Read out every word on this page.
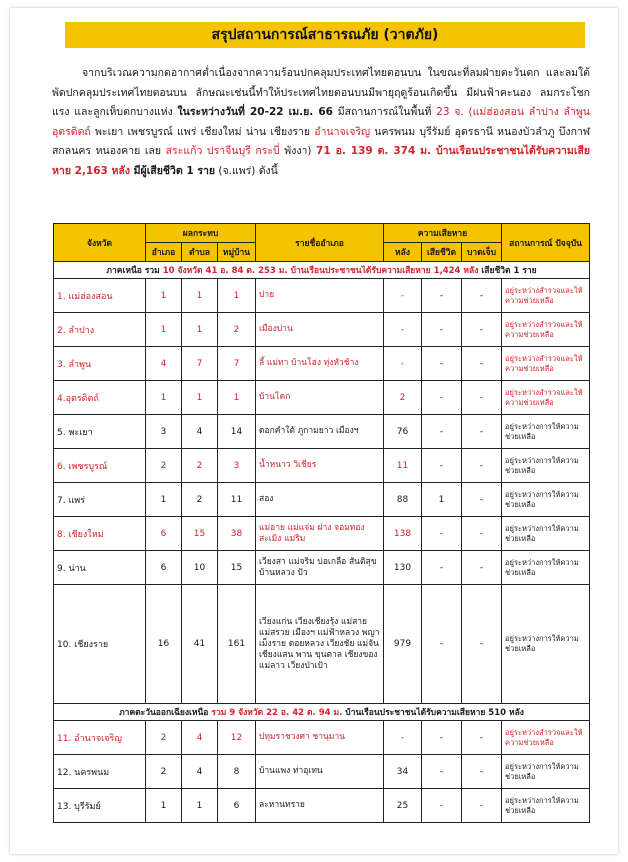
สรุปสถานการณ์สาธารณภัย (วาตภัย)
จากบริเวณความกดอากาศต่ำเนื่องจากความร้อนปกคลุมประเทศไทยตอนบน ในขณะที่ลมฝ่ายตะวันตก และลมใต้พัดปกคลุมประเทศไทยตอนบน ลักษณะเช่นนี้ทำให้ประเทศไทยตอนบนมีพายุฤดูร้อนเกิดขึ้น มีฝนฟ้าคะนอง ลมกระโชกแรง และลูกเห็บตกบางแห่ง ในระหว่างวันที่ 20-22 เม.ย. 66 มีสถานการณ์ในพื้นที่ 23 จ. (แม่ฮ่องสอน ลำปาง ลำพูน อุตรดิตถ์ พะเยา เพชรบูรณ์ แพร่ เชียงใหม่ น่าน เชียงราย อำนาจเจริญ นครพนม บุรีรัมย์ อุดรธานี หนองบัวลำภู บึงกาฬ สกลนคร หนองคาย เลย สระแก้ว ปราจีนบุรี กระบี่ พังงา) 71 อ. 139 ต. 374 ม. บ้านเรือนประชาชนได้รับความเสียหาย 2,163 หลัง มีผู้เสียชีวิต 1 ราย (จ.แพร่) ดังนี้
จังหวัด	ผลกระทบ			รายชื่ออำเภอ	ความเสียหาย			สถานการณ์ ปัจจุบัน
	อำเภอ	ตำบล	หมู่บ้าน		หลัง	เสียชีวิต	บาดเจ็บ	
ภาคเหนือ รวม 10 จังหวัด 41 อ. 84 ต. 253 ม. บ้านเรือนประชาชนได้รับความเสียหาย 1,424 หลัง เสียชีวิต 1 ราย								
1. แม่ฮ่องสอน	1	1	1	ปาย	-	-	-	อยู่ระหว่างสำรวจและให้ความช่วยเหลือ
2. ลำปาง	1	1	2	เมืองปาน	-	-	-	อยู่ระหว่างสำรวจและให้ความช่วยเหลือ
3. ลำพูน	4	7	7	ลี้ แม่ทา บ้านโฮ่ง ทุ่งหัวช้าง	-	-	-	อยู่ระหว่างสำรวจและให้ความช่วยเหลือ
4.อุตรดิตถ์	1	1	1	บ้านโคก	2	-	-	อยู่ระหว่างสำรวจและให้ความช่วยเหลือ
5. พะเยา	3	4	14	ดอกคำใต้ ภูกามยาว เมืองฯ	76	-	-	อยู่ระหว่างการให้ความช่วยเหลือ
6. เพชรบูรณ์	2	2	3	น้ำหนาว วิเชียร	11	-	-	อยู่ระหว่างการให้ความช่วยเหลือ
7. แพร่	1	2	11	สอง	88	1	-	อยู่ระหว่างการให้ความช่วยเหลือ
8. เชียงใหม่	6	15	38	แม่อาย แม่แจ่ม ฝาง จอมทอง สะเมิง แม่ริม	138	-	-	อยู่ระหว่างการให้ความช่วยเหลือ
9. น่าน	6	10	15	เวียงสา แม่จริม บ่อเกลือ สันติสุข บ้านหลวง ปัว	130	-	-	อยู่ระหว่างการให้ความช่วยเหลือ
10. เชียงราย	16	41	161	เวียงแก่น เวียงเชียงรุ้ง แม่สาย แม่สรวย เมืองฯ แม่ฟ้าหลวง พญาเม็งราย ดอยหลวง เวียงชัย แม่จัน เชียงแสน พาน ขุนตาล เชียงของ แม่ลาว เวียงป่าเป้า	979	-	-	อยู่ระหว่างการให้ความช่วยเหลือ
ภาคตะวันออกเฉียงเหนือ รวม 9 จังหวัด 22 อ. 42 ต. 94 ม. บ้านเรือนประชาชนได้รับความเสียหาย 510 หลัง								
11. อำนาจเจริญ	2	4	12	ปทุมราชวงศา ชานุมาน	-	-	-	อยู่ระหว่างสำรวจและให้ความช่วยเหลือ
12. นครพนม	2	4	8	บ้านแพง ท่าอุเทน	34	-	-	อยู่ระหว่างการให้ความช่วยเหลือ
13. บุรีรัมย์	1	1	6	ละหานทราย	25	-	-	อยู่ระหว่างการให้ความช่วยเหลือ
